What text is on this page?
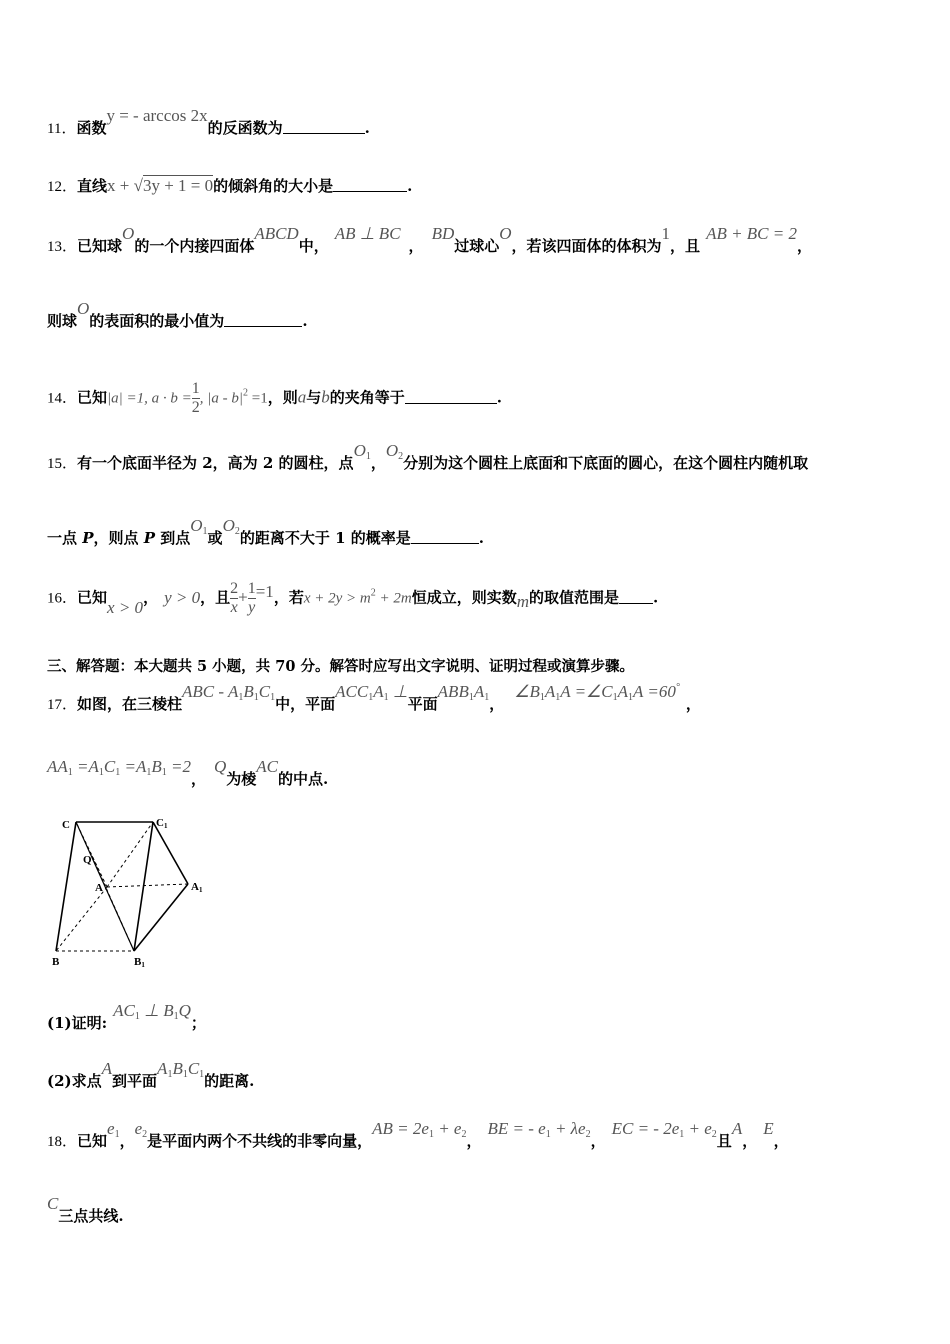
11．函数y = - arccos 2x的反函数为	.
12．直线x + √3y + 1 = 0的倾斜角的大小是	.
13．已知球O的一个内接四面体ABCD中，AB ⊥ BC，BD过球心O，若该四面体的体积为1，且AB + BC = 2，
则球O的表面积的最小值为	.
14．已知|a| =1, $a \cdot b = \frac{1}{2}$ , $|a - b|^2 =1$，则a与b的夹角等于	.
15．有一个底面半径为 2，高为 2 的圆柱，点$O^1$，$O^2$分别为这个圆柱上底面和下底面的圆心，在这个圆柱内随机取
一点 P，则点 P 到点$O^1$或$O^2$的距离不大于 1 的概率是	.
16．已知x > 0， y > 0，且 $\frac{2}{x} + \frac{1}{y} =1$，若$x + 2y > m^2 + 2m$恒成立，则实数m的取值范围是 .
三、解答题：本大题共 5 小题，共 70 分。解答时应写出文字说明、证明过程或演算步骤。
17．如图，在三棱柱ABC - $A_1B_1C_1$中，平面$ACC_1A_1$ ⊥平面$ABB_1A_1$，$\angle B_1A_1A$ $=\angle C_1A_1A =60^\circ$，
$AA_1 =A_1C_1 =A_1B_1 =2$，Q为棱AC的中点.
C	C1
Q
A	A1
B	B1
(1)证明$:AC_1$ ⊥ $B_1Q$；
(2)求点A到平面$A_1B_1C_1$的距离.
18．已知$e_1$，$e_2$是平面内两个不共线的非零向量，AB = $2e_1 + e_2$，BE = - $e_1 + \lambda e_2$，EC = - $2e_1 + e_2$且A，E，
C三点共线.
